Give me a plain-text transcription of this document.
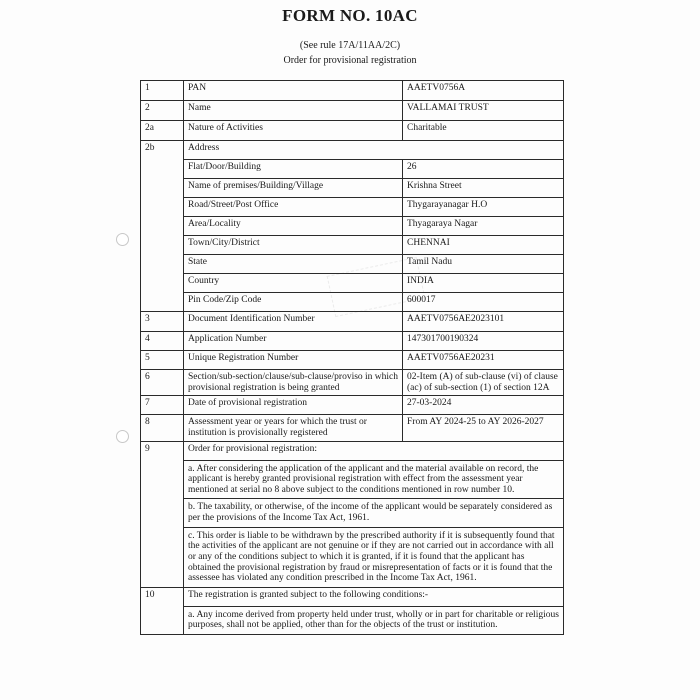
FORM NO. 10AC
(See rule 17A/11AA/2C)
Order for provisional registration
1	PAN	AAETV0756A
2	Name	VALLAMAI TRUST
2a	Nature of Activities	Charitable
2b	Address	
	Flat/Door/Building	26
	Name of premises/Building/Village	Krishna Street
	Road/Street/Post Office	Thygarayanagar H.O
	Area/Locality	Thyagaraya Nagar
	Town/City/District	CHENNAI
	State	Tamil Nadu
	Country	INDIA
	Pin Code/Zip Code	600017
3	Document Identification Number	AAETV0756AE2023101
4	Application Number	147301700190324
5	Unique Registration Number	AAETV0756AE20231
6	Section/sub-section/clause/sub-clause/proviso in which provisional registration is being granted	02-Item (A) of sub-clause (vi) of clause (ac) of sub-section (1) of section 12A
7	Date of provisional registration	27-03-2024
8	Assessment year or years for which the trust or institution is provisionally registered	From AY 2024-25 to AY 2026-2027
9	Order for provisional registration:	
	a. After considering the application of the applicant and the material available on record, the applicant is hereby granted provisional registration with effect from the assessment year mentioned at serial no 8 above subject to the conditions mentioned in row number 10.	
	b. The taxability, or otherwise, of the income of the applicant would be separately considered as per the provisions of the Income Tax Act, 1961.	
	c. This order is liable to be withdrawn by the prescribed authority if it is subsequently found that the activities of the applicant are not genuine or if they are not carried out in accordance with all or any of the conditions subject to which it is granted, if it is found that the applicant has obtained the provisional registration by fraud or misrepresentation of facts or it is found that the assessee has violated any condition prescribed in the Income Tax Act, 1961.	
10	The registration is granted subject to the following conditions:-	
	a. Any income derived from property held under trust, wholly or in part for charitable or religious purposes, shall not be applied, other than for the objects of the trust or institution.	
